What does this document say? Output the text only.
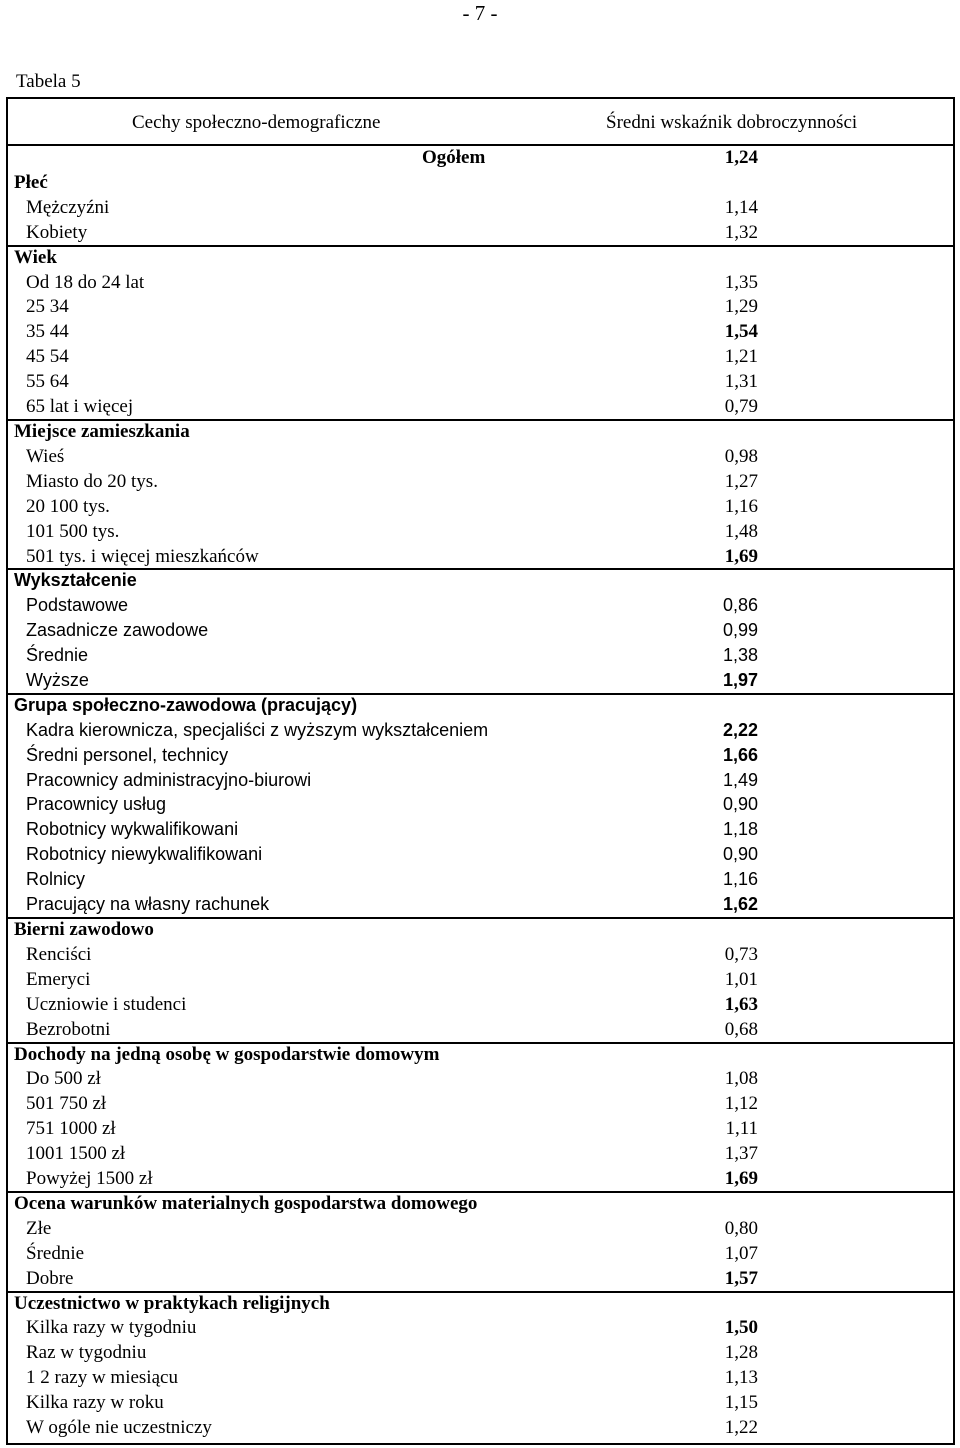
- 7 -
Tabela 5
Cechy społeczno-demograficzne	Średni wskaźnik dobroczynności
Ogółem	1,24
Płeć
Mężczyźni	1,14
Kobiety	1,32
Wiek
Od 18 do 24 lat	1,35
25 34	1,29
35 44	1,54
45 54	1,21
55 64	1,31
65 lat i więcej	0,79
Miejsce zamieszkania
Wieś	0,98
Miasto do 20 tys.	1,27
20 100 tys.	1,16
101 500 tys.	1,48
501 tys. i więcej mieszkańców	1,69
Wykształcenie
Podstawowe	0,86
Zasadnicze zawodowe	0,99
Średnie	1,38
Wyższe	1,97
Grupa społeczno-zawodowa (pracujący)
Kadra kierownicza, specjaliści z wyższym wykształceniem	2,22
Średni personel, technicy	1,66
Pracownicy administracyjno-biurowi	1,49
Pracownicy usług	0,90
Robotnicy wykwalifikowani	1,18
Robotnicy niewykwalifikowani	0,90
Rolnicy	1,16
Pracujący na własny rachunek	1,62
Bierni zawodowo
Renciści	0,73
Emeryci	1,01
Uczniowie i studenci	1,63
Bezrobotni	0,68
Dochody na jedną osobę w gospodarstwie domowym
Do 500 zł	1,08
501 750 zł	1,12
751 1000 zł	1,11
1001 1500 zł	1,37
Powyżej 1500 zł	1,69
Ocena warunków materialnych gospodarstwa domowego
Złe	0,80
Średnie	1,07
Dobre	1,57
Uczestnictwo w praktykach religijnych
Kilka razy w tygodniu	1,50
Raz w tygodniu	1,28
1 2 razy w miesiącu	1,13
Kilka razy w roku	1,15
W ogóle nie uczestniczy	1,22
